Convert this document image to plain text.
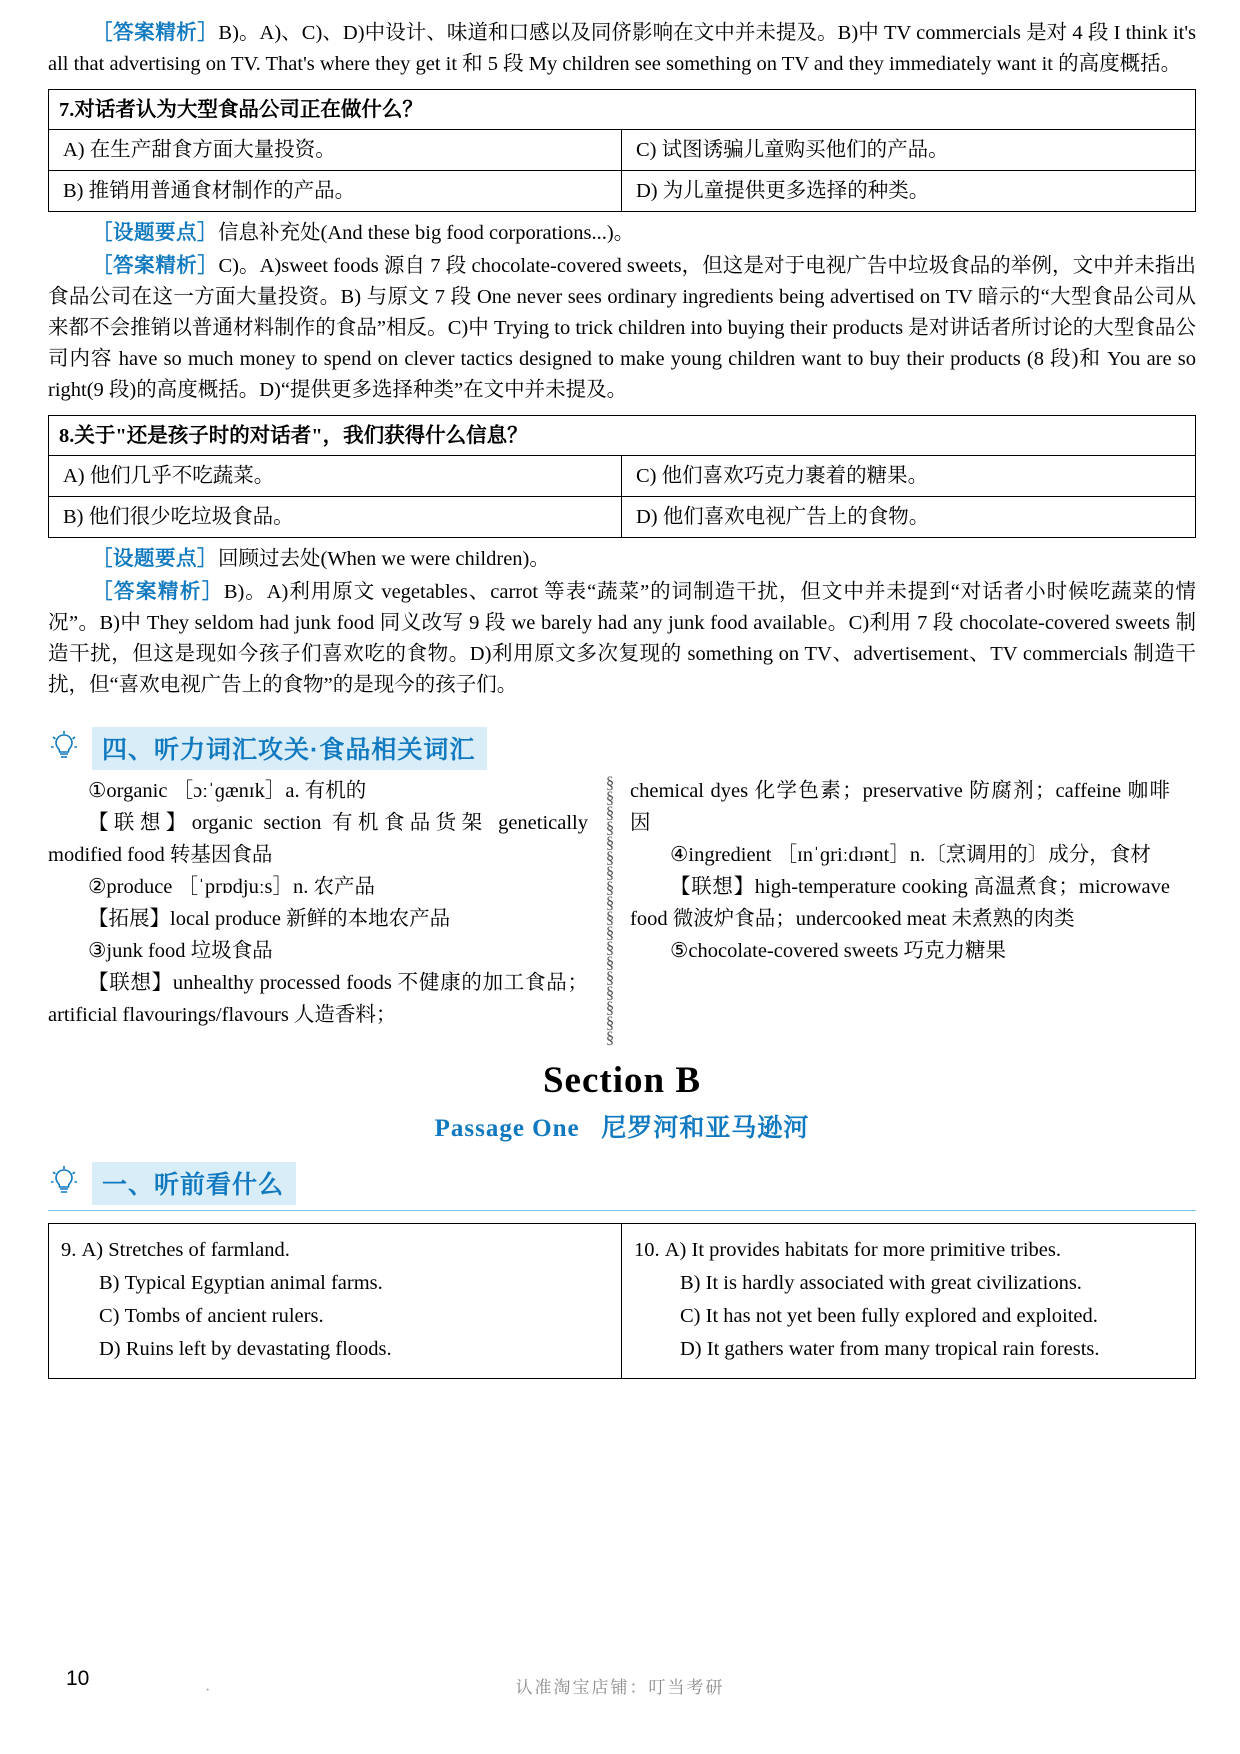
［答案精析］B)。A)、C)、D)中设计、味道和口感以及同侪影响在文中并未提及。B)中 TV commercials 是对 4 段 I think it's all that advertising on TV. That's where they get it 和 5 段 My children see something on TV and they immediately want it 的高度概括。

7.对话者认为大型食品公司正在做什么？
A) 在生产甜食方面大量投资。	C) 试图诱骗儿童购买他们的产品。
B) 推销用普通食材制作的产品。	D) 为儿童提供更多选择的种类。

［设题要点］信息补充处(And these big food corporations...)。

［答案精析］C)。A)sweet foods 源自 7 段 chocolate-covered sweets，但这是对于电视广告中垃圾食品的举例，文中并未指出食品公司在这一方面大量投资。B) 与原文 7 段 One never sees ordinary ingredients being advertised on TV 暗示的“大型食品公司从来都不会推销以普通材料制作的食品”相反。C)中 Trying to trick children into buying their products 是对讲话者所讨论的大型食品公司内容 have so much money to spend on clever tactics designed to make young children want to buy their products (8 段)和 You are so right(9 段)的高度概括。D)“提供更多选择种类”在文中并未提及。

8.关于"还是孩子时的对话者"，我们获得什么信息？
A) 他们几乎不吃蔬菜。	C) 他们喜欢巧克力裹着的糖果。
B) 他们很少吃垃圾食品。	D) 他们喜欢电视广告上的食物。

［设题要点］回顾过去处(When we were children)。

［答案精析］B)。A)利用原文 vegetables、carrot 等表“蔬菜”的词制造干扰，但文中并未提到“对话者小时候吃蔬菜的情况”。B)中 They seldom had junk food 同义改写 9 段 we barely had any junk food available。C)利用 7 段 chocolate-covered sweets 制造干扰，但这是现如今孩子们喜欢吃的食物。D)利用原文多次复现的 something on TV、advertisement、TV commercials 制造干扰，但“喜欢电视广告上的食物”的是现今的孩子们。

四、听力词汇攻关·食品相关词汇

①organic ［ɔːˈɡænɪk］a. 有机的

【联想】organic section 有机食品货架 genetically modified food 转基因食品

②produce ［ˈprɒdjuːs］n. 农产品

【拓展】local produce 新鲜的本地农产品

③junk food 垃圾食品

【联想】unhealthy processed foods 不健康的加工食品；artificial flavourings/flavours 人造香料；

§
§
§
§
§
§
§
§
§
§
§
§
§
§
§
§
§
§

chemical dyes 化学色素；preservative 防腐剂；caffeine 咖啡因

④ingredient ［ɪnˈɡriːdɪənt］n.〔烹调用的〕成分，食材

【联想】high-temperature cooking 高温煮食；microwave food 微波炉食品；undercooked meat 未煮熟的肉类

⑤chocolate-covered sweets 巧克力糖果

Section B
Passage One 尼罗河和亚马逊河
一、听前看什么
9. A) Stretches of farmland.
B) Typical Egyptian animal farms.
C) Tombs of ancient rulers.
D) Ruins left by devastating floods.
10. A) It provides habitats for more primitive tribes.
B) It is hardly associated with great civilizations.
C) It has not yet been fully explored and exploited.
D) It gathers water from many tropical rain forests.
10
·	认准淘宝店铺：叮当考研
